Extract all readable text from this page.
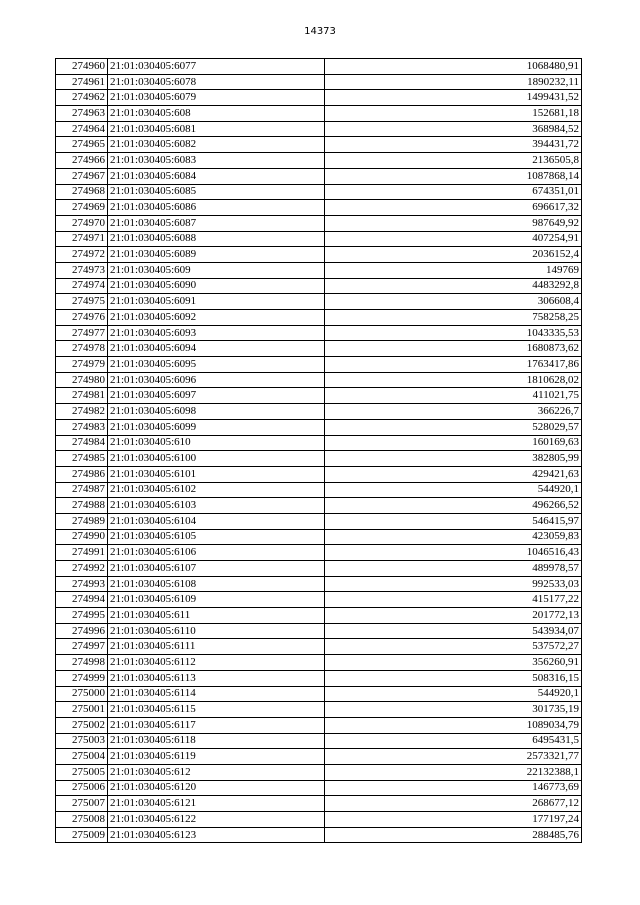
14373
274960	21:01:030405:6077	1068480,91
274961	21:01:030405:6078	1890232,11
274962	21:01:030405:6079	1499431,52
274963	21:01:030405:608	152681,18
274964	21:01:030405:6081	368984,52
274965	21:01:030405:6082	394431,72
274966	21:01:030405:6083	2136505,8
274967	21:01:030405:6084	1087868,14
274968	21:01:030405:6085	674351,01
274969	21:01:030405:6086	696617,32
274970	21:01:030405:6087	987649,92
274971	21:01:030405:6088	407254,91
274972	21:01:030405:6089	2036152,4
274973	21:01:030405:609	149769
274974	21:01:030405:6090	4483292,8
274975	21:01:030405:6091	306608,4
274976	21:01:030405:6092	758258,25
274977	21:01:030405:6093	1043335,53
274978	21:01:030405:6094	1680873,62
274979	21:01:030405:6095	1763417,86
274980	21:01:030405:6096	1810628,02
274981	21:01:030405:6097	411021,75
274982	21:01:030405:6098	366226,7
274983	21:01:030405:6099	528029,57
274984	21:01:030405:610	160169,63
274985	21:01:030405:6100	382805,99
274986	21:01:030405:6101	429421,63
274987	21:01:030405:6102	544920,1
274988	21:01:030405:6103	496266,52
274989	21:01:030405:6104	546415,97
274990	21:01:030405:6105	423059,83
274991	21:01:030405:6106	1046516,43
274992	21:01:030405:6107	489978,57
274993	21:01:030405:6108	992533,03
274994	21:01:030405:6109	415177,22
274995	21:01:030405:611	201772,13
274996	21:01:030405:6110	543934,07
274997	21:01:030405:6111	537572,27
274998	21:01:030405:6112	356260,91
274999	21:01:030405:6113	508316,15
275000	21:01:030405:6114	544920,1
275001	21:01:030405:6115	301735,19
275002	21:01:030405:6117	1089034,79
275003	21:01:030405:6118	6495431,5
275004	21:01:030405:6119	2573321,77
275005	21:01:030405:612	22132388,1
275006	21:01:030405:6120	146773,69
275007	21:01:030405:6121	268677,12
275008	21:01:030405:6122	177197,24
275009	21:01:030405:6123	288485,76
